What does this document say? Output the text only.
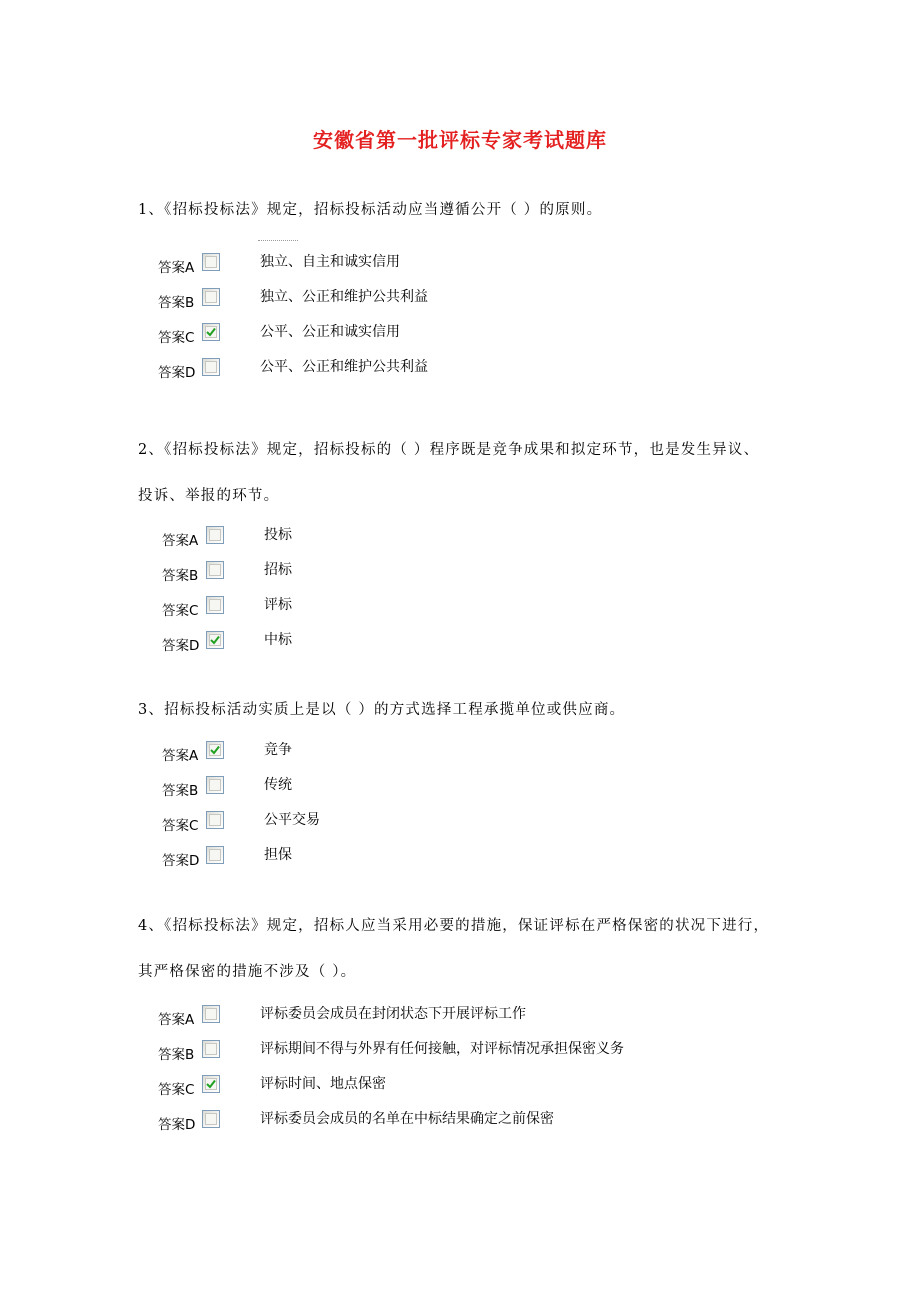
安徽省第一批评标专家考试题库
1、《招标投标法》规定，招标投标活动应当遵循公开（ ）的原则。
答案A	独立、自主和诚实信用
答案B	独立、公正和维护公共利益
答案C	公平、公正和诚实信用
答案D	公平、公正和维护公共利益
2、《招标投标法》规定，招标投标的（ ）程序既是竞争成果和拟定环节，也是发生异议、
投诉、举报的环节。
答案A	投标
答案B	招标
答案C	评标
答案D	中标
3、招标投标活动实质上是以（ ）的方式选择工程承揽单位或供应商。
答案A	竞争
答案B	传统
答案C	公平交易
答案D	担保
4、《招标投标法》规定，招标人应当采用必要的措施，保证评标在严格保密的状况下进行，
其严格保密的措施不涉及（ ）。
答案A	评标委员会成员在封闭状态下开展评标工作
答案B	评标期间不得与外界有任何接触，对评标情况承担保密义务
答案C	评标时间、地点保密
答案D	评标委员会成员的名单在中标结果确定之前保密
